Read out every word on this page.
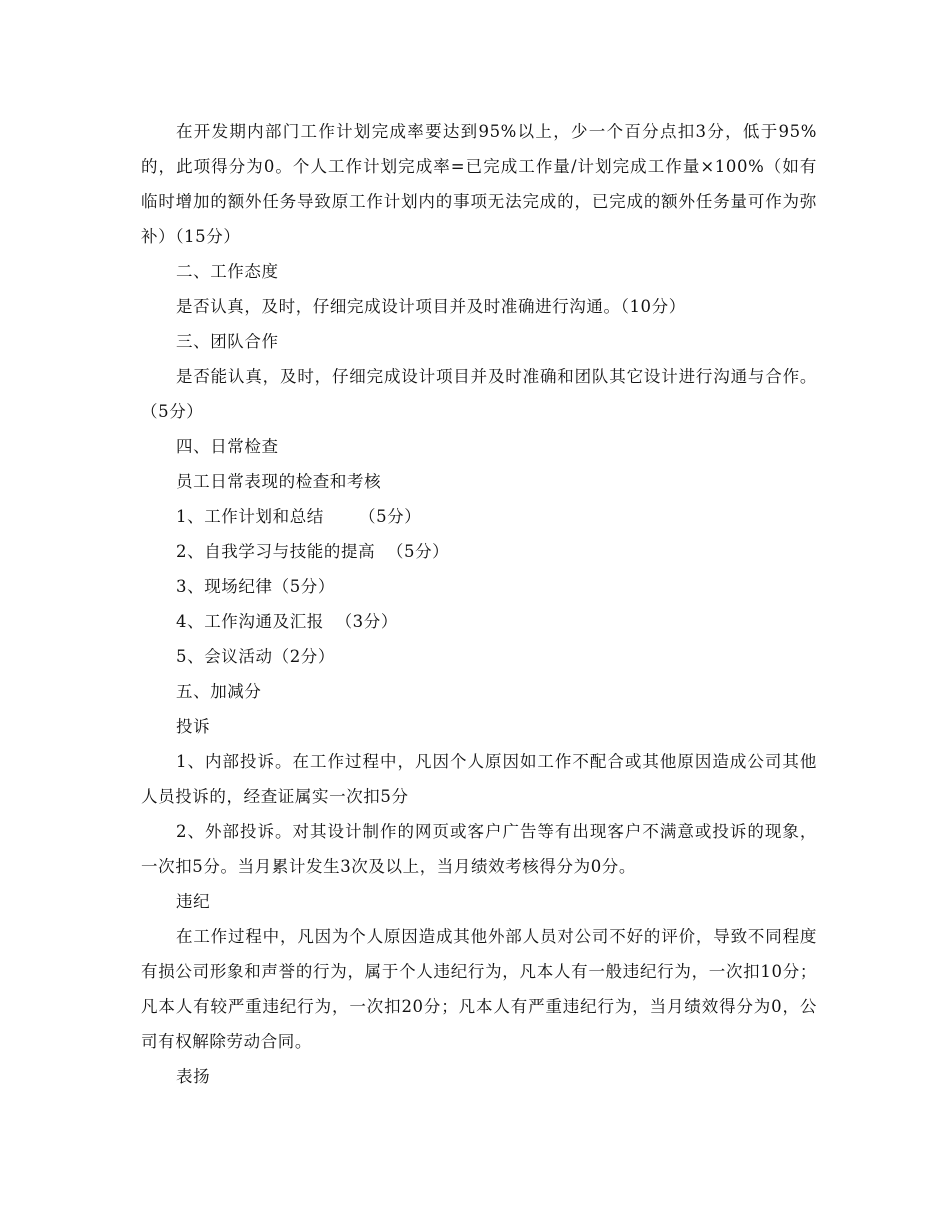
在开发期内部门工作计划完成率要达到95%以上，少一个百分点扣3分，低于95%的，此项得分为0。个人工作计划完成率=已完成工作量/计划完成工作量×100%（如有临时增加的额外任务导致原工作计划内的事项无法完成的，已完成的额外任务量可作为弥补）（15分）

二、工作态度

是否认真，及时，仔细完成设计项目并及时准确进行沟通。（10分）

三、团队合作

是否能认真，及时，仔细完成设计项目并及时准确和团队其它设计进行沟通与合作。（5分）

四、日常检查

员工日常表现的检查和考核

1、工作计划和总结      （5分）

2、自我学习与技能的提高  （5分）

3、现场纪律（5分）

4、工作沟通及汇报  （3分）

5、会议活动（2分）

五、加减分

投诉

1、内部投诉。在工作过程中，凡因个人原因如工作不配合或其他原因造成公司其他人员投诉的，经查证属实一次扣5分

2、外部投诉。对其设计制作的网页或客户广告等有出现客户不满意或投诉的现象，一次扣5分。当月累计发生3次及以上，当月绩效考核得分为0分。

违纪

在工作过程中，凡因为个人原因造成其他外部人员对公司不好的评价，导致不同程度有损公司形象和声誉的行为，属于个人违纪行为，凡本人有一般违纪行为，一次扣10分；凡本人有较严重违纪行为，一次扣20分；凡本人有严重违纪行为，当月绩效得分为0，公司有权解除劳动合同。

表扬
